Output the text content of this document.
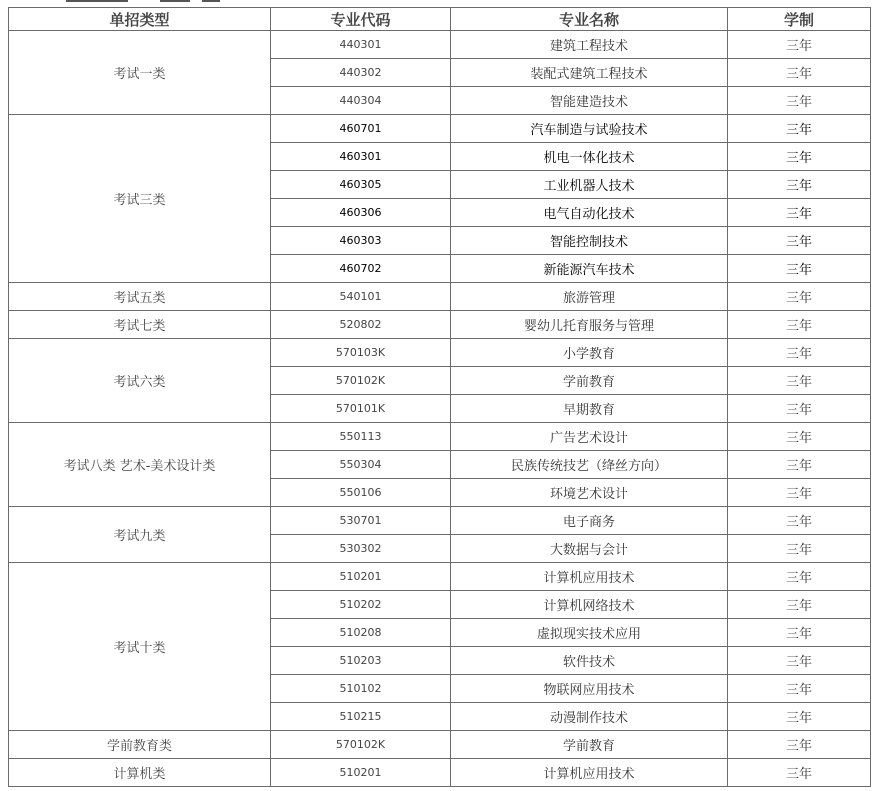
单招类型	专业代码	专业名称	学制
考试一类	440301	建筑工程技术	三年
	440302	装配式建筑工程技术	三年
	440304	智能建造技术	三年
考试三类	460701	汽车制造与试验技术	三年
	460301	机电一体化技术	三年
	460305	工业机器人技术	三年
	460306	电气自动化技术	三年
	460303	智能控制技术	三年
	460702	新能源汽车技术	三年
考试五类	540101	旅游管理	三年
考试七类	520802	婴幼儿托育服务与管理	三年
考试六类	570103K	小学教育	三年
	570102K	学前教育	三年
	570101K	早期教育	三年
考试八类 艺术-美术设计类	550113	广告艺术设计	三年
	550304	民族传统技艺（绛丝方向）	三年
	550106	环境艺术设计	三年
考试九类	530701	电子商务	三年
	530302	大数据与会计	三年
考试十类	510201	计算机应用技术	三年
	510202	计算机网络技术	三年
	510208	虚拟现实技术应用	三年
	510203	软件技术	三年
	510102	物联网应用技术	三年
	510215	动漫制作技术	三年
学前教育类	570102K	学前教育	三年
计算机类	510201	计算机应用技术	三年
